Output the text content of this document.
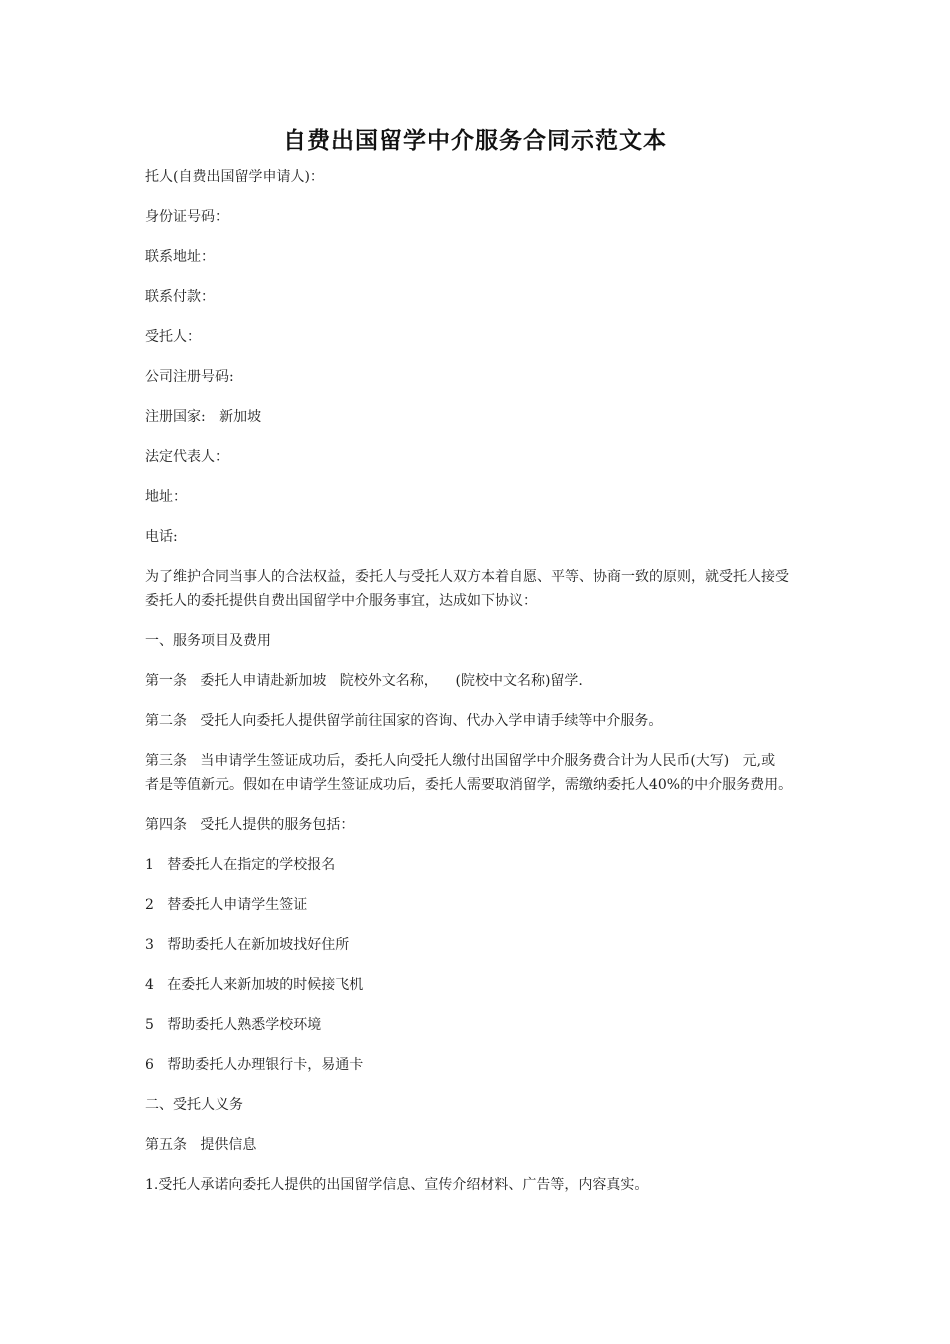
自费出国留学中介服务合同示范文本
托人(自费出国留学申请人)：
身份证号码：
联系地址：
联系付款：
受托人：
公司注册号码:
注册国家:   新加坡
法定代表人：
地址：
电话:
为了维护合同当事人的合法权益，委托人与受托人双方本着自愿、平等、协商一致的原则，就受托人接受
委托人的委托提供自费出国留学中介服务事宜，达成如下协议：
一、服务项目及费用
第一条   委托人申请赴新加坡   院校外文名称，    (院校中文名称)留学.
第二条   受托人向委托人提供留学前往国家的咨询、代办入学申请手续等中介服务。
第三条   当申请学生签证成功后，委托人向受托人缴付出国留学中介服务费合计为人民币(大写)   元,或
者是等值新元。假如在申请学生签证成功后，委托人需要取消留学，需缴纳委托人40%的中介服务费用。
第四条   受托人提供的服务包括：
1   替委托人在指定的学校报名
2   替委托人申请学生签证
3   帮助委托人在新加坡找好住所
4   在委托人来新加坡的时候接飞机
5   帮助委托人熟悉学校环境
6   帮助委托人办理银行卡，易通卡
二、受托人义务
第五条   提供信息
1.受托人承诺向委托人提供的出国留学信息、宣传介绍材料、广告等，内容真实。
